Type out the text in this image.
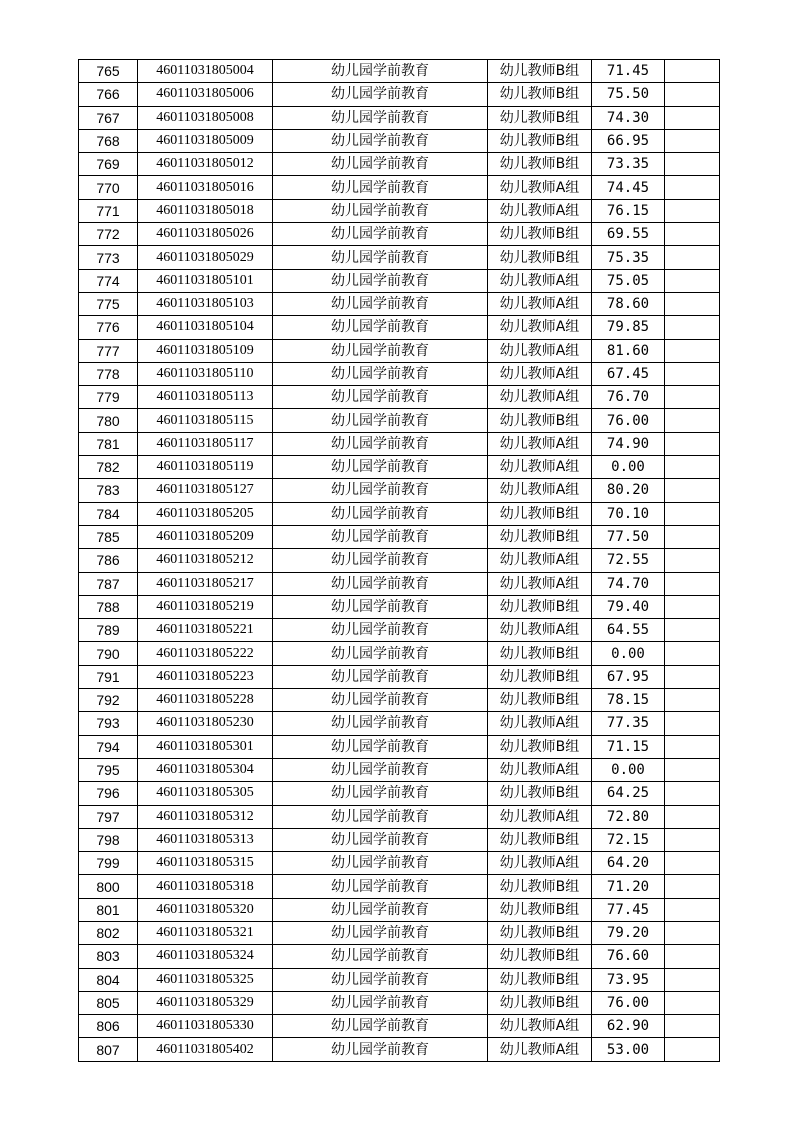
765	46011031805004	幼儿园学前教育	幼儿教师B组	71.45	
766	46011031805006	幼儿园学前教育	幼儿教师B组	75.50	
767	46011031805008	幼儿园学前教育	幼儿教师B组	74.30	
768	46011031805009	幼儿园学前教育	幼儿教师B组	66.95	
769	46011031805012	幼儿园学前教育	幼儿教师B组	73.35	
770	46011031805016	幼儿园学前教育	幼儿教师A组	74.45	
771	46011031805018	幼儿园学前教育	幼儿教师A组	76.15	
772	46011031805026	幼儿园学前教育	幼儿教师B组	69.55	
773	46011031805029	幼儿园学前教育	幼儿教师B组	75.35	
774	46011031805101	幼儿园学前教育	幼儿教师A组	75.05	
775	46011031805103	幼儿园学前教育	幼儿教师A组	78.60	
776	46011031805104	幼儿园学前教育	幼儿教师A组	79.85	
777	46011031805109	幼儿园学前教育	幼儿教师A组	81.60	
778	46011031805110	幼儿园学前教育	幼儿教师A组	67.45	
779	46011031805113	幼儿园学前教育	幼儿教师A组	76.70	
780	46011031805115	幼儿园学前教育	幼儿教师B组	76.00	
781	46011031805117	幼儿园学前教育	幼儿教师A组	74.90	
782	46011031805119	幼儿园学前教育	幼儿教师A组	0.00	
783	46011031805127	幼儿园学前教育	幼儿教师A组	80.20	
784	46011031805205	幼儿园学前教育	幼儿教师B组	70.10	
785	46011031805209	幼儿园学前教育	幼儿教师B组	77.50	
786	46011031805212	幼儿园学前教育	幼儿教师A组	72.55	
787	46011031805217	幼儿园学前教育	幼儿教师A组	74.70	
788	46011031805219	幼儿园学前教育	幼儿教师B组	79.40	
789	46011031805221	幼儿园学前教育	幼儿教师A组	64.55	
790	46011031805222	幼儿园学前教育	幼儿教师B组	0.00	
791	46011031805223	幼儿园学前教育	幼儿教师B组	67.95	
792	46011031805228	幼儿园学前教育	幼儿教师B组	78.15	
793	46011031805230	幼儿园学前教育	幼儿教师A组	77.35	
794	46011031805301	幼儿园学前教育	幼儿教师B组	71.15	
795	46011031805304	幼儿园学前教育	幼儿教师A组	0.00	
796	46011031805305	幼儿园学前教育	幼儿教师B组	64.25	
797	46011031805312	幼儿园学前教育	幼儿教师A组	72.80	
798	46011031805313	幼儿园学前教育	幼儿教师B组	72.15	
799	46011031805315	幼儿园学前教育	幼儿教师A组	64.20	
800	46011031805318	幼儿园学前教育	幼儿教师B组	71.20	
801	46011031805320	幼儿园学前教育	幼儿教师B组	77.45	
802	46011031805321	幼儿园学前教育	幼儿教师B组	79.20	
803	46011031805324	幼儿园学前教育	幼儿教师B组	76.60	
804	46011031805325	幼儿园学前教育	幼儿教师B组	73.95	
805	46011031805329	幼儿园学前教育	幼儿教师B组	76.00	
806	46011031805330	幼儿园学前教育	幼儿教师A组	62.90	
807	46011031805402	幼儿园学前教育	幼儿教师A组	53.00	
